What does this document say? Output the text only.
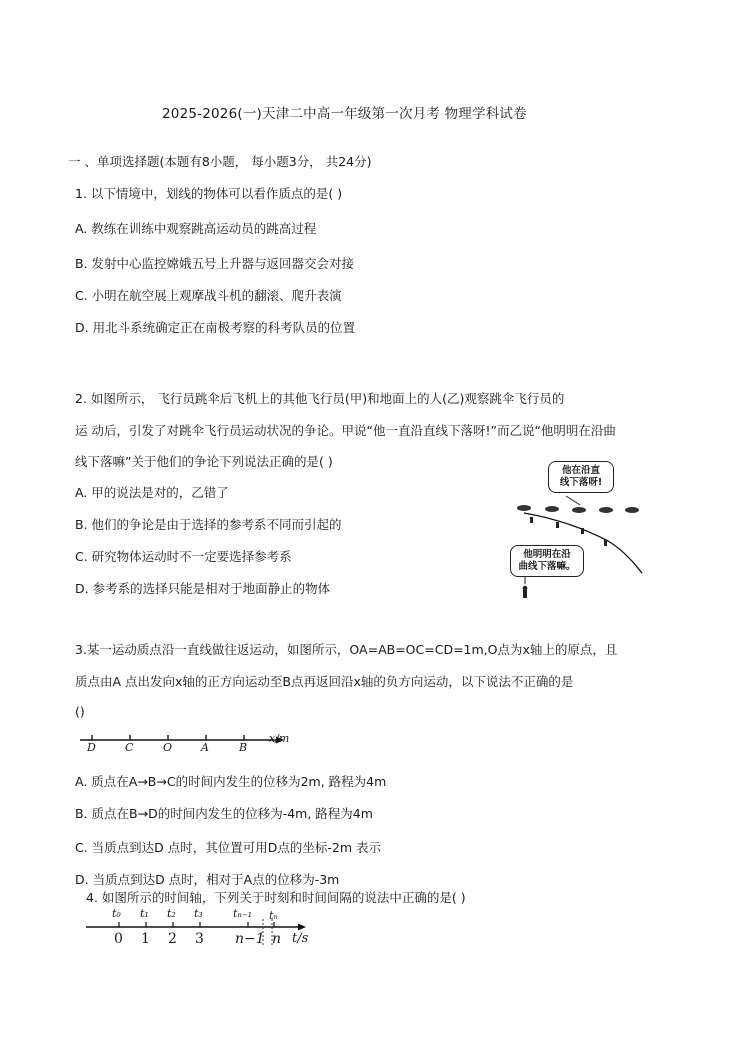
2025-2026(一)天津二中高一年级第一次月考 物理学科试卷
一 、单项选择题(本题有8小题， 每小题3分， 共24分)
1. 以下情境中，划线的物体可以看作质点的是( )
A. 教练在训练中观察跳高运动员的跳高过程
B. 发射中心监控嫦娥五号上升器与返回器交会对接
C. 小明在航空展上观摩战斗机的翻滚、爬升表演
D. 用北斗系统确定正在南极考察的科考队员的位置
2. 如图所示， 飞行员跳伞后飞机上的其他飞行员(甲)和地面上的人(乙)观察跳伞飞行员的
运 动后，引发了对跳伞飞行员运动状况的争论。甲说“他一直沿直线下落呀!”而乙说“他明明在沿曲
线下落嘛”关于他们的争论下列说法正确的是( )
A. 甲的说法是对的，乙错了
B. 他们的争论是由于选择的参考系不同而引起的
C. 研究物体运动时不一定要选择参考系
D. 参考系的选择只能是相对于地面静止的物体
他在沿直
线下落呀!
他明明在沿
曲线下落嘛。
3.某一运动质点沿一直线做往返运动，如图所示，OA=AB=OC=CD=1m,O点为x轴上的原点，且
质点由A 点出发向x轴的正方向运动至B点再返回沿x轴的负方向运动，以下说法不正确的是
()
D	C	O	A	B
x/m
A. 质点在A→B→C的时间内发生的位移为2m, 路程为4m
B. 质点在B→D的时间内发生的位移为-4m, 路程为4m
C. 当质点到达D 点时，其位置可用D点的坐标-2m 表示
D. 当质点到达D 点时，相对于A点的位移为-3m
4. 如图所示的时间轴，下列关于时刻和时间间隔的说法中正确的是( )
t₀ t₁ t₂ t₃	tₙ₋₁ tₙ
0 1 2 3 n−1 n t/s
